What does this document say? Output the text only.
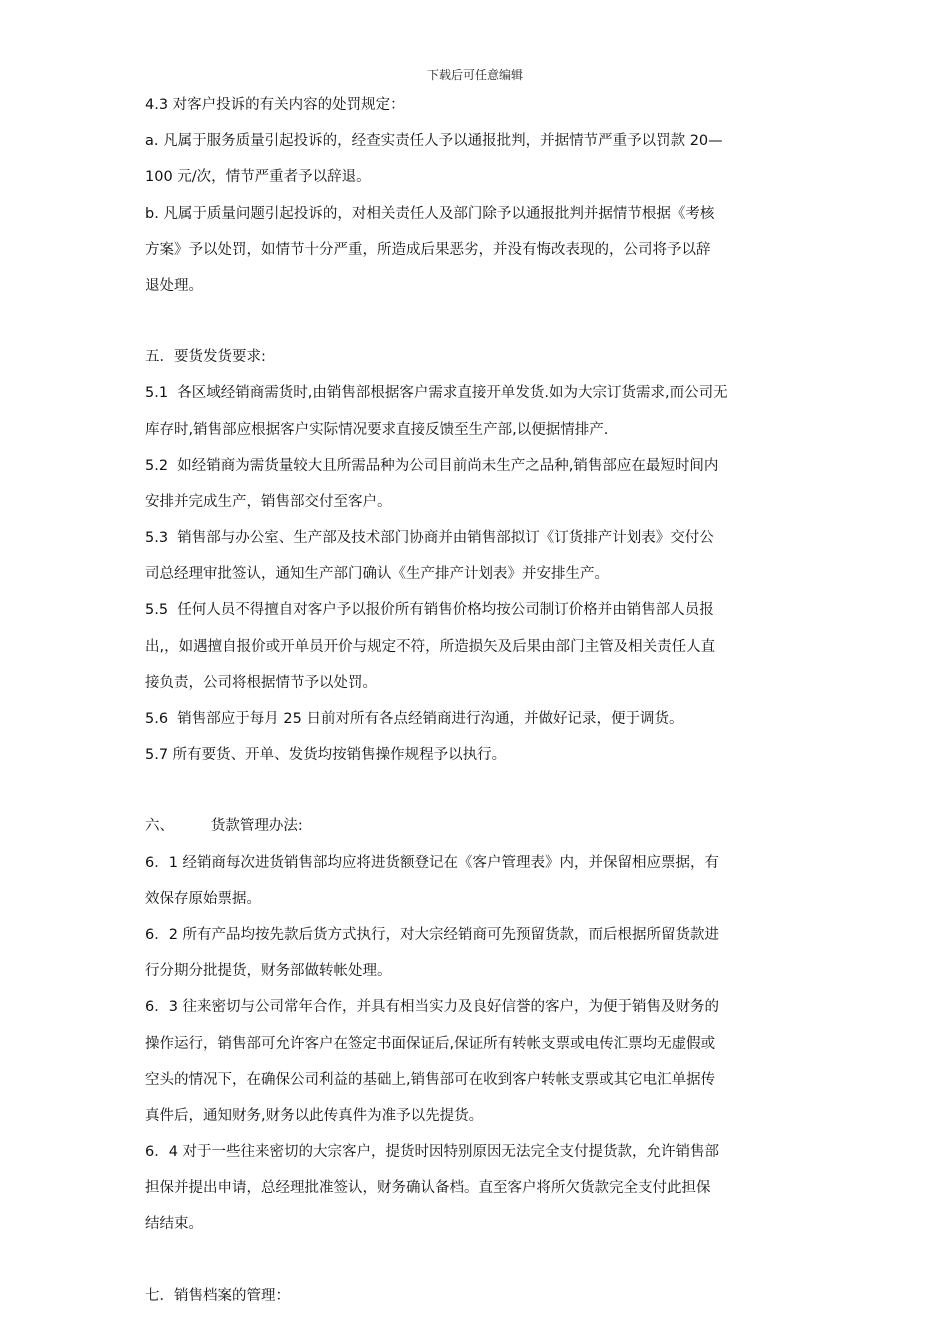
下载后可任意编辑
4.3 对客户投诉的有关内容的处罚规定：
a. 凡属于服务质量引起投诉的，经查实责任人予以通报批判，并据情节严重予以罚款 20—
100 元/次，情节严重者予以辞退。
b. 凡属于质量问题引起投诉的，对相关责任人及部门除予以通报批判并据情节根据《考核
方案》予以处罚，如情节十分严重，所造成后果恶劣，并没有悔改表现的，公司将予以辞
退处理。
五．要货发货要求:
5.1  各区域经销商需货时,由销售部根据客户需求直接开单发货.如为大宗订货需求,而公司无
库存时,销售部应根据客户实际情况要求直接反馈至生产部,以便据情排产.
5.2  如经销商为需货量较大且所需品种为公司目前尚未生产之品种,销售部应在最短时间内
安排并完成生产，销售部交付至客户。
5.3  销售部与办公室、生产部及技术部门协商并由销售部拟订《订货排产计划表》交付公
司总经理审批签认，通知生产部门确认《生产排产计划表》并安排生产。
5.5  任何人员不得擅自对客户予以报价所有销售价格均按公司制订价格并由销售部人员报
出,，如遇擅自报价或开单员开价与规定不符，所造损矢及后果由部门主管及相关责任人直
接负责，公司将根据情节予以处罚。
5.6  销售部应于每月 25 日前对所有各点经销商进行沟通，并做好记录，便于调货。
5.7 所有要货、开单、发货均按销售操作规程予以执行。
六、        货款管理办法:
6．1 经销商每次进货销售部均应将进货额登记在《客户管理表》内，并保留相应票据，有
效保存原始票据。
6．2 所有产品均按先款后货方式执行，对大宗经销商可先预留货款，而后根据所留货款进
行分期分批提货，财务部做转帐处理。
6．3 往来密切与公司常年合作，并具有相当实力及良好信誉的客户，为便于销售及财务的
操作运行，销售部可允许客户在签定书面保证后,保证所有转帐支票或电传汇票均无虚假或
空头的情况下，在确保公司利益的基础上,销售部可在收到客户转帐支票或其它电汇单据传
真件后，通知财务,财务以此传真件为准予以先提货。
6．4 对于一些往来密切的大宗客户，提货时因特别原因无法完全支付提货款，允许销售部
担保并提出申请，总经理批准签认，财务确认备档。直至客户将所欠货款完全支付此担保
结结束。
七．销售档案的管理：
